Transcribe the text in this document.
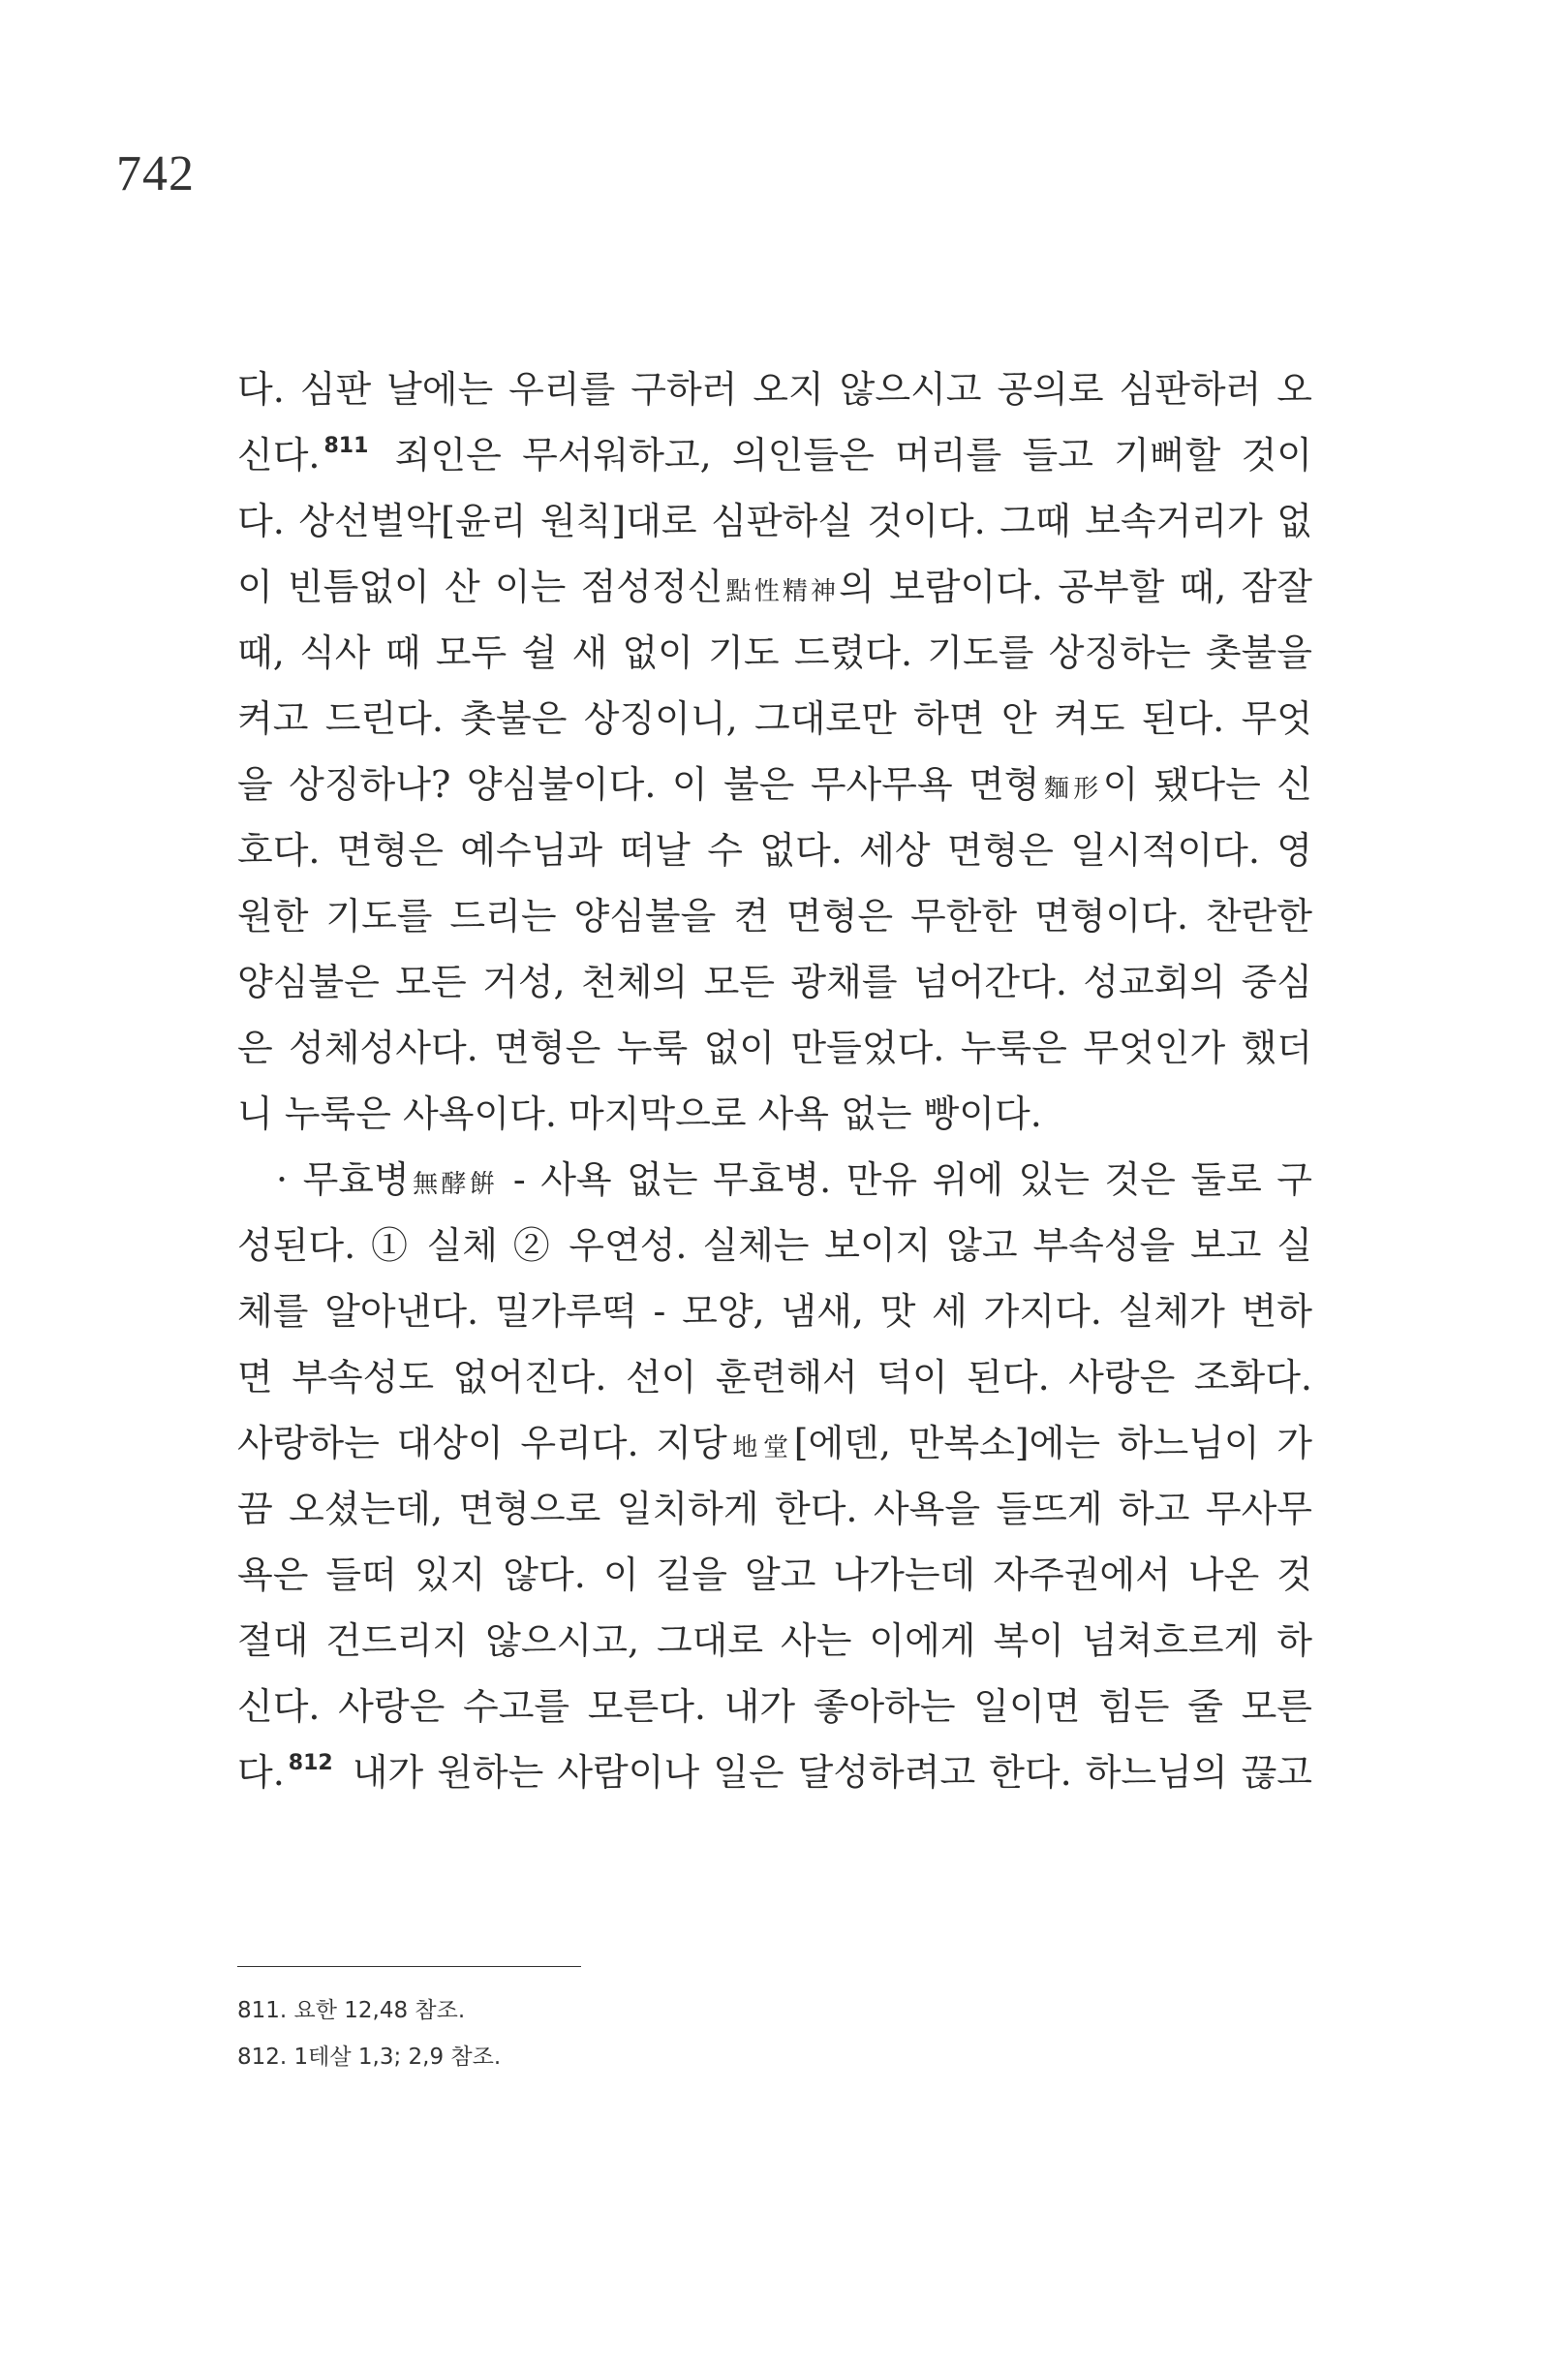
742
다. 심판 날에는 우리를 구하러 오지 않으시고 공의로 심판하러 오
신다. $^{811}$ 죄인은 무서워하고, 의인들은 머리를 들고 기뻐할 것이
다. 상선벌악[윤리 원칙]대로 심판하실 것이다. 그때 보속거리가 없
이 빈틈없이 산 이는 점성정신點性精神의 보람이다. 공부할 때, 잠잘
때, 식사 때 모두 쉴 새 없이 기도 드렸다. 기도를 상징하는 촛불을
켜고 드린다. 촛불은 상징이니, 그대로만 하면 안 켜도 된다. 무엇
을 상징하나? 양심불이다. 이 불은 무사무욕 면형麵形이 됐다는 신
호다. 면형은 예수님과 떠날 수 없다. 세상 면형은 일시적이다. 영
원한 기도를 드리는 양심불을 켠 면형은 무한한 면형이다. 찬란한
양심불은 모든 거성, 천체의 모든 광채를 넘어간다. 성교회의 중심
은 성체성사다. 면형은 누룩 없이 만들었다. 누룩은 무엇인가 했더
니 누룩은 사욕이다. 마지막으로 사욕 없는 빵이다.
· 무효병無酵餠 - 사욕 없는 무효병. 만유 위에 있는 것은 둘로 구
성된다. ① 실체 ② 우연성. 실체는 보이지 않고 부속성을 보고 실
체를 알아낸다. 밀가루떡 - 모양, 냄새, 맛 세 가지다. 실체가 변하
면 부속성도 없어진다. 선이 훈련해서 덕이 된다. 사랑은 조화다.
사랑하는 대상이 우리다. 지당地堂[에덴, 만복소]에는 하느님이 가
끔 오셨는데, 면형으로 일치하게 한다. 사욕을 들뜨게 하고 무사무
욕은 들떠 있지 않다. 이 길을 알고 나가는데 자주권에서 나온 것
절대 건드리지 않으시고, 그대로 사는 이에게 복이 넘쳐흐르게 하
신다. 사랑은 수고를 모른다. 내가 좋아하는 일이면 힘든 줄 모른
다. $^{812}$ 내가 원하는 사람이나 일은 달성하려고 한다. 하느님의 끊고
811. 요한 12,48 참조.
812. 1테살 1,3; 2,9 참조.
